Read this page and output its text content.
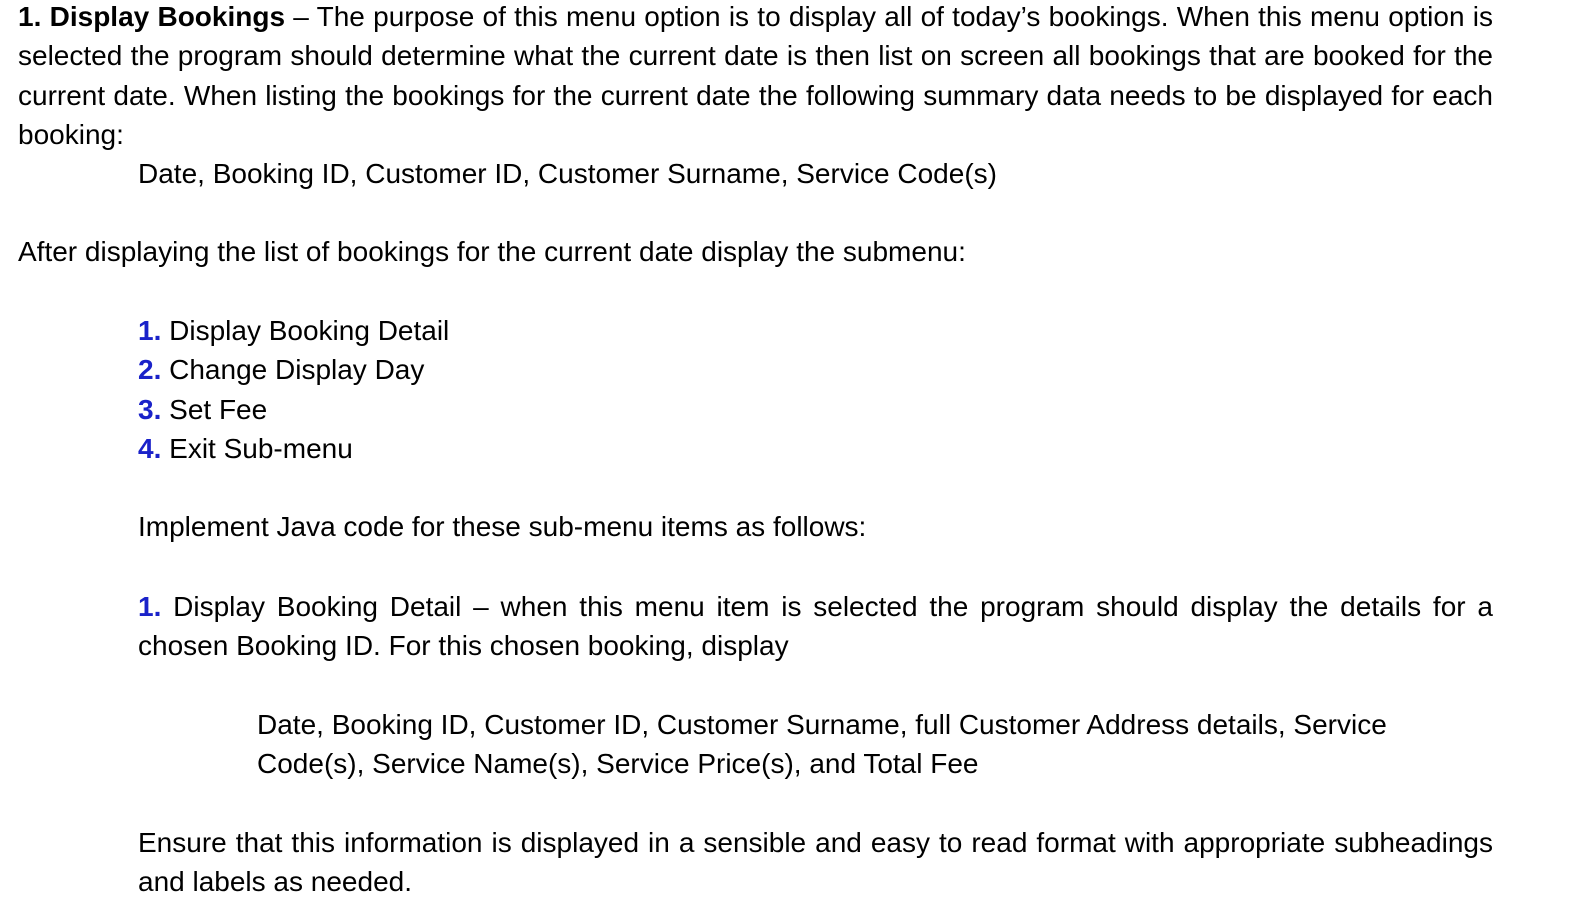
1. Display Bookings – The purpose of this menu option is to display all of today’s bookings. When this menu option is selected the program should determine what the current date is then list on screen all bookings that are booked for the current date. When listing the bookings for the current date the following summary data needs to be displayed for each booking:

Date, Booking ID, Customer ID, Customer Surname, Service Code(s)

After displaying the list of bookings for the current date display the submenu:

1. Display Booking Detail
2. Change Display Day
3. Set Fee
4. Exit Sub-menu

Implement Java code for these sub-menu items as follows:

1. Display Booking Detail – when this menu item is selected the program should display the details for a chosen Booking ID. For this chosen booking, display

Date, Booking ID, Customer ID, Customer Surname, full Customer Address details, Service Code(s), Service Name(s), Service Price(s), and Total Fee

Ensure that this information is displayed in a sensible and easy to read format with appropriate subheadings and labels as needed.
